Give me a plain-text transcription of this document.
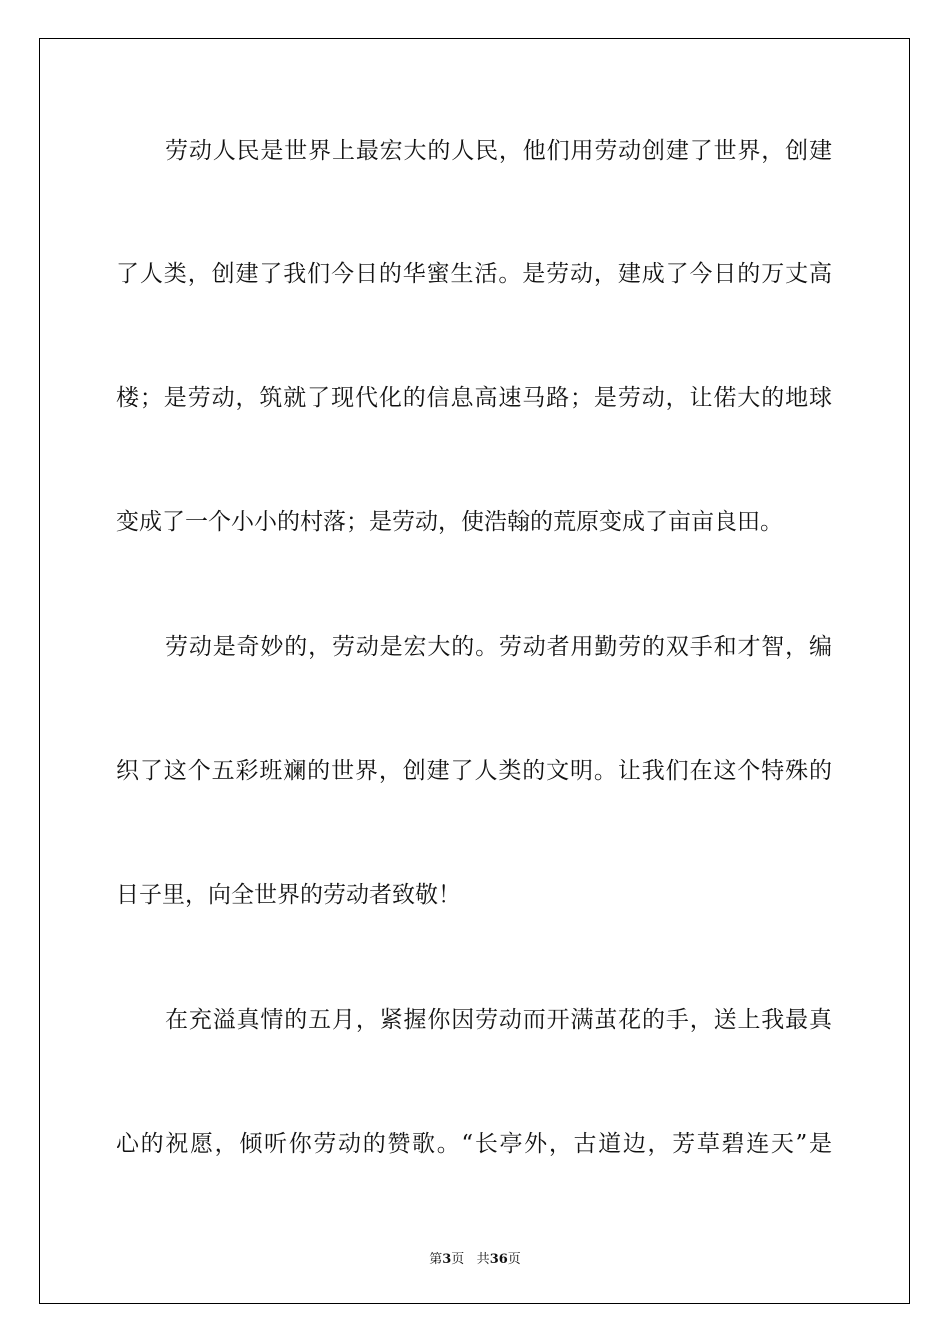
劳动人民是世界上最宏大的人民，他们用劳动创建了世界，创建
了人类，创建了我们今日的华蜜生活。是劳动，建成了今日的万丈高
楼；是劳动，筑就了现代化的信息高速马路；是劳动，让偌大的地球
变成了一个小小的村落；是劳动，使浩翰的荒原变成了亩亩良田。
劳动是奇妙的，劳动是宏大的。劳动者用勤劳的双手和才智，编
织了这个五彩班斓的世界，创建了人类的文明。让我们在这个特殊的
日子里，向全世界的劳动者致敬！
在充溢真情的五月，紧握你因劳动而开满茧花的手，送上我最真
心的祝愿，倾听你劳动的赞歌。“长亭外，古道边，芳草碧连天”是
第3页 共36页
